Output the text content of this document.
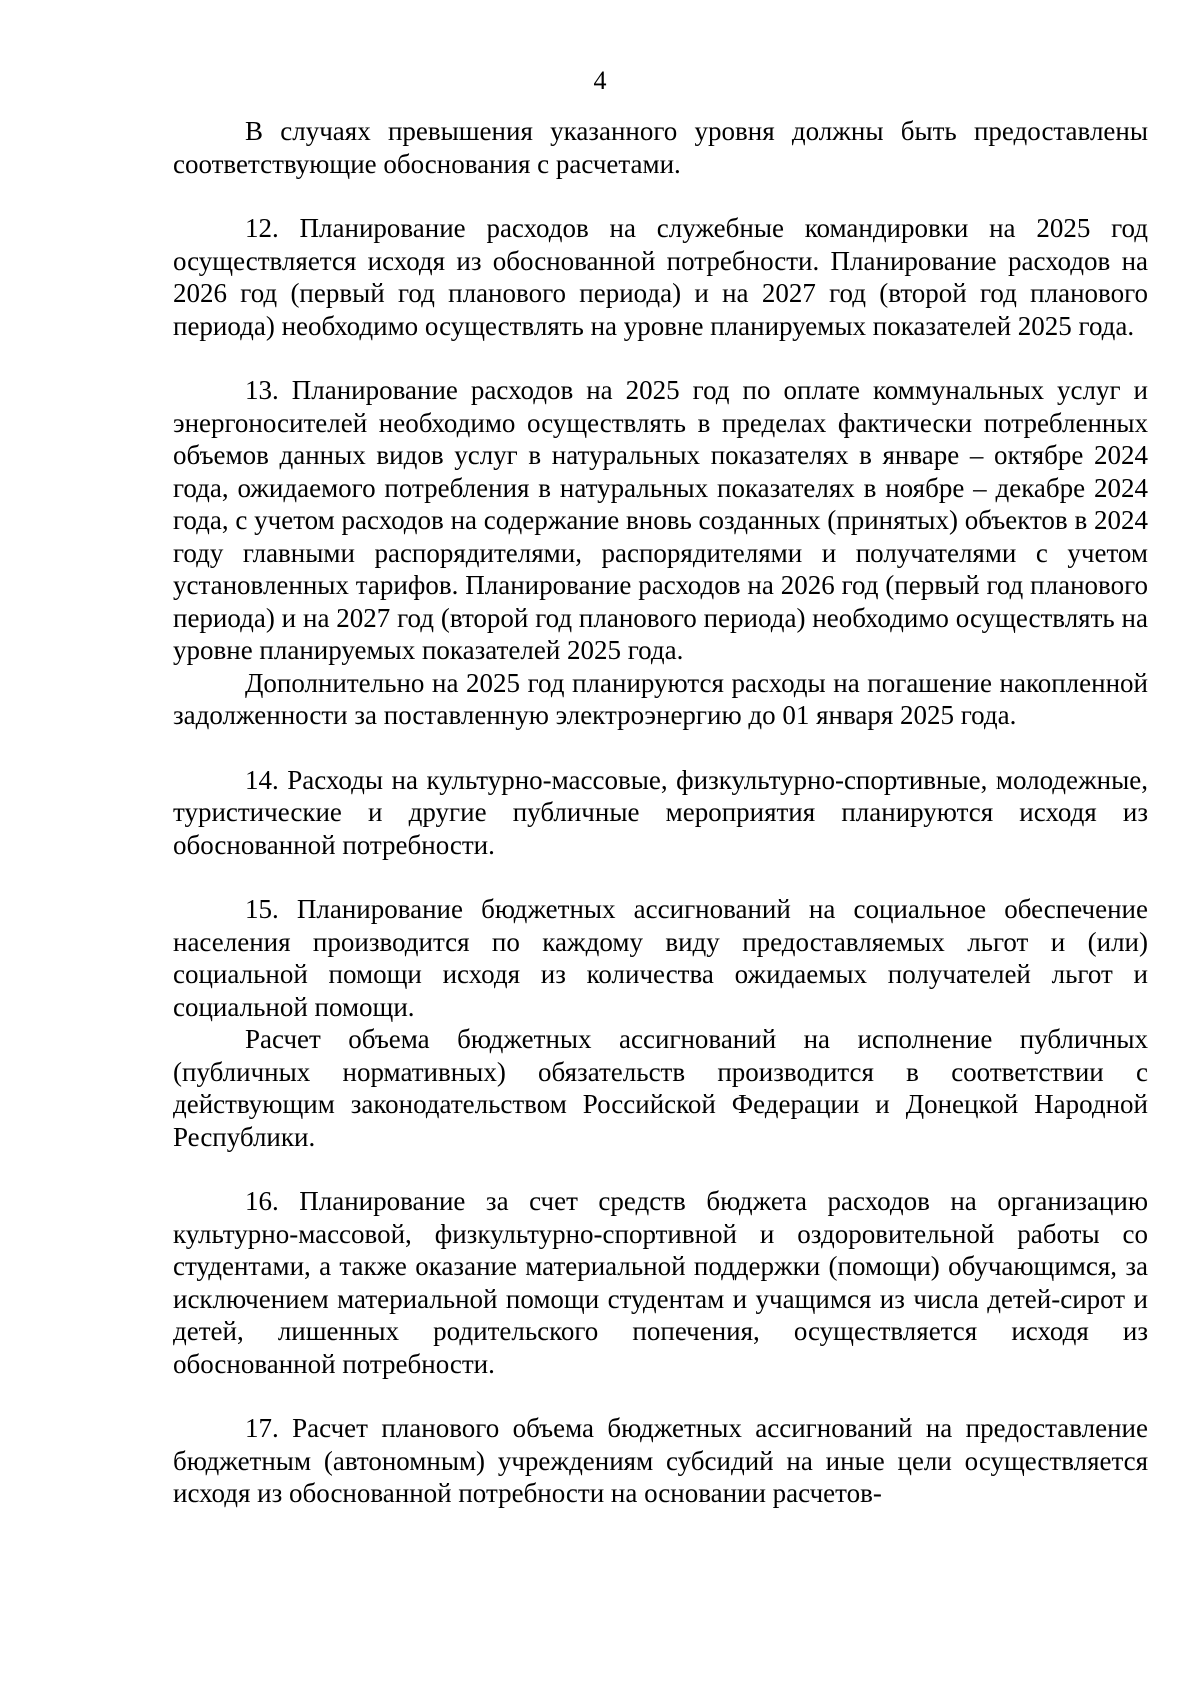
4

В случаях превышения указанного уровня должны быть предоставлены соответствующие обоснования с расчетами.

12. Планирование расходов на служебные командировки на 2025 год осуществляется исходя из обоснованной потребности. Планирование расходов на 2026 год (первый год планового периода) и на 2027 год (второй год планового периода) необходимо осуществлять на уровне планируемых показателей 2025 года.

13. Планирование расходов на 2025 год по оплате коммунальных услуг и энергоносителей необходимо осуществлять в пределах фактически потребленных объемов данных видов услуг в натуральных показателях в январе – октябре 2024 года, ожидаемого потребления в натуральных показателях в ноябре – декабре 2024 года, с учетом расходов на содержание вновь созданных (принятых) объектов в 2024 году главными распорядителями, распорядителями и получателями с учетом установленных тарифов. Планирование расходов на 2026 год (первый год планового периода) и на 2027 год (второй год планового периода) необходимо осуществлять на уровне планируемых показателей 2025 года.

Дополнительно на 2025 год планируются расходы на погашение накопленной задолженности за поставленную электроэнергию до 01 января 2025 года.

14. Расходы на культурно-массовые, физкультурно-спортивные, молодежные, туристические и другие публичные мероприятия планируются исходя из обоснованной потребности.

15. Планирование бюджетных ассигнований на социальное обеспечение населения производится по каждому виду предоставляемых льгот и (или) социальной помощи исходя из количества ожидаемых получателей льгот и социальной помощи.

Расчет объема бюджетных ассигнований на исполнение публичных (публичных нормативных) обязательств производится в соответствии с действующим законодательством Российской Федерации и Донецкой Народной Республики.

16. Планирование за счет средств бюджета расходов на организацию культурно-массовой, физкультурно-спортивной и оздоровительной работы со студентами, а также оказание материальной поддержки (помощи) обучающимся, за исключением материальной помощи студентам и учащимся из числа детей-сирот и детей, лишенных родительского попечения, осуществляется исходя из обоснованной потребности.

17. Расчет планового объема бюджетных ассигнований на предоставление бюджетным (автономным) учреждениям субсидий на иные цели осуществляется исходя из обоснованной потребности на основании расчетов-
